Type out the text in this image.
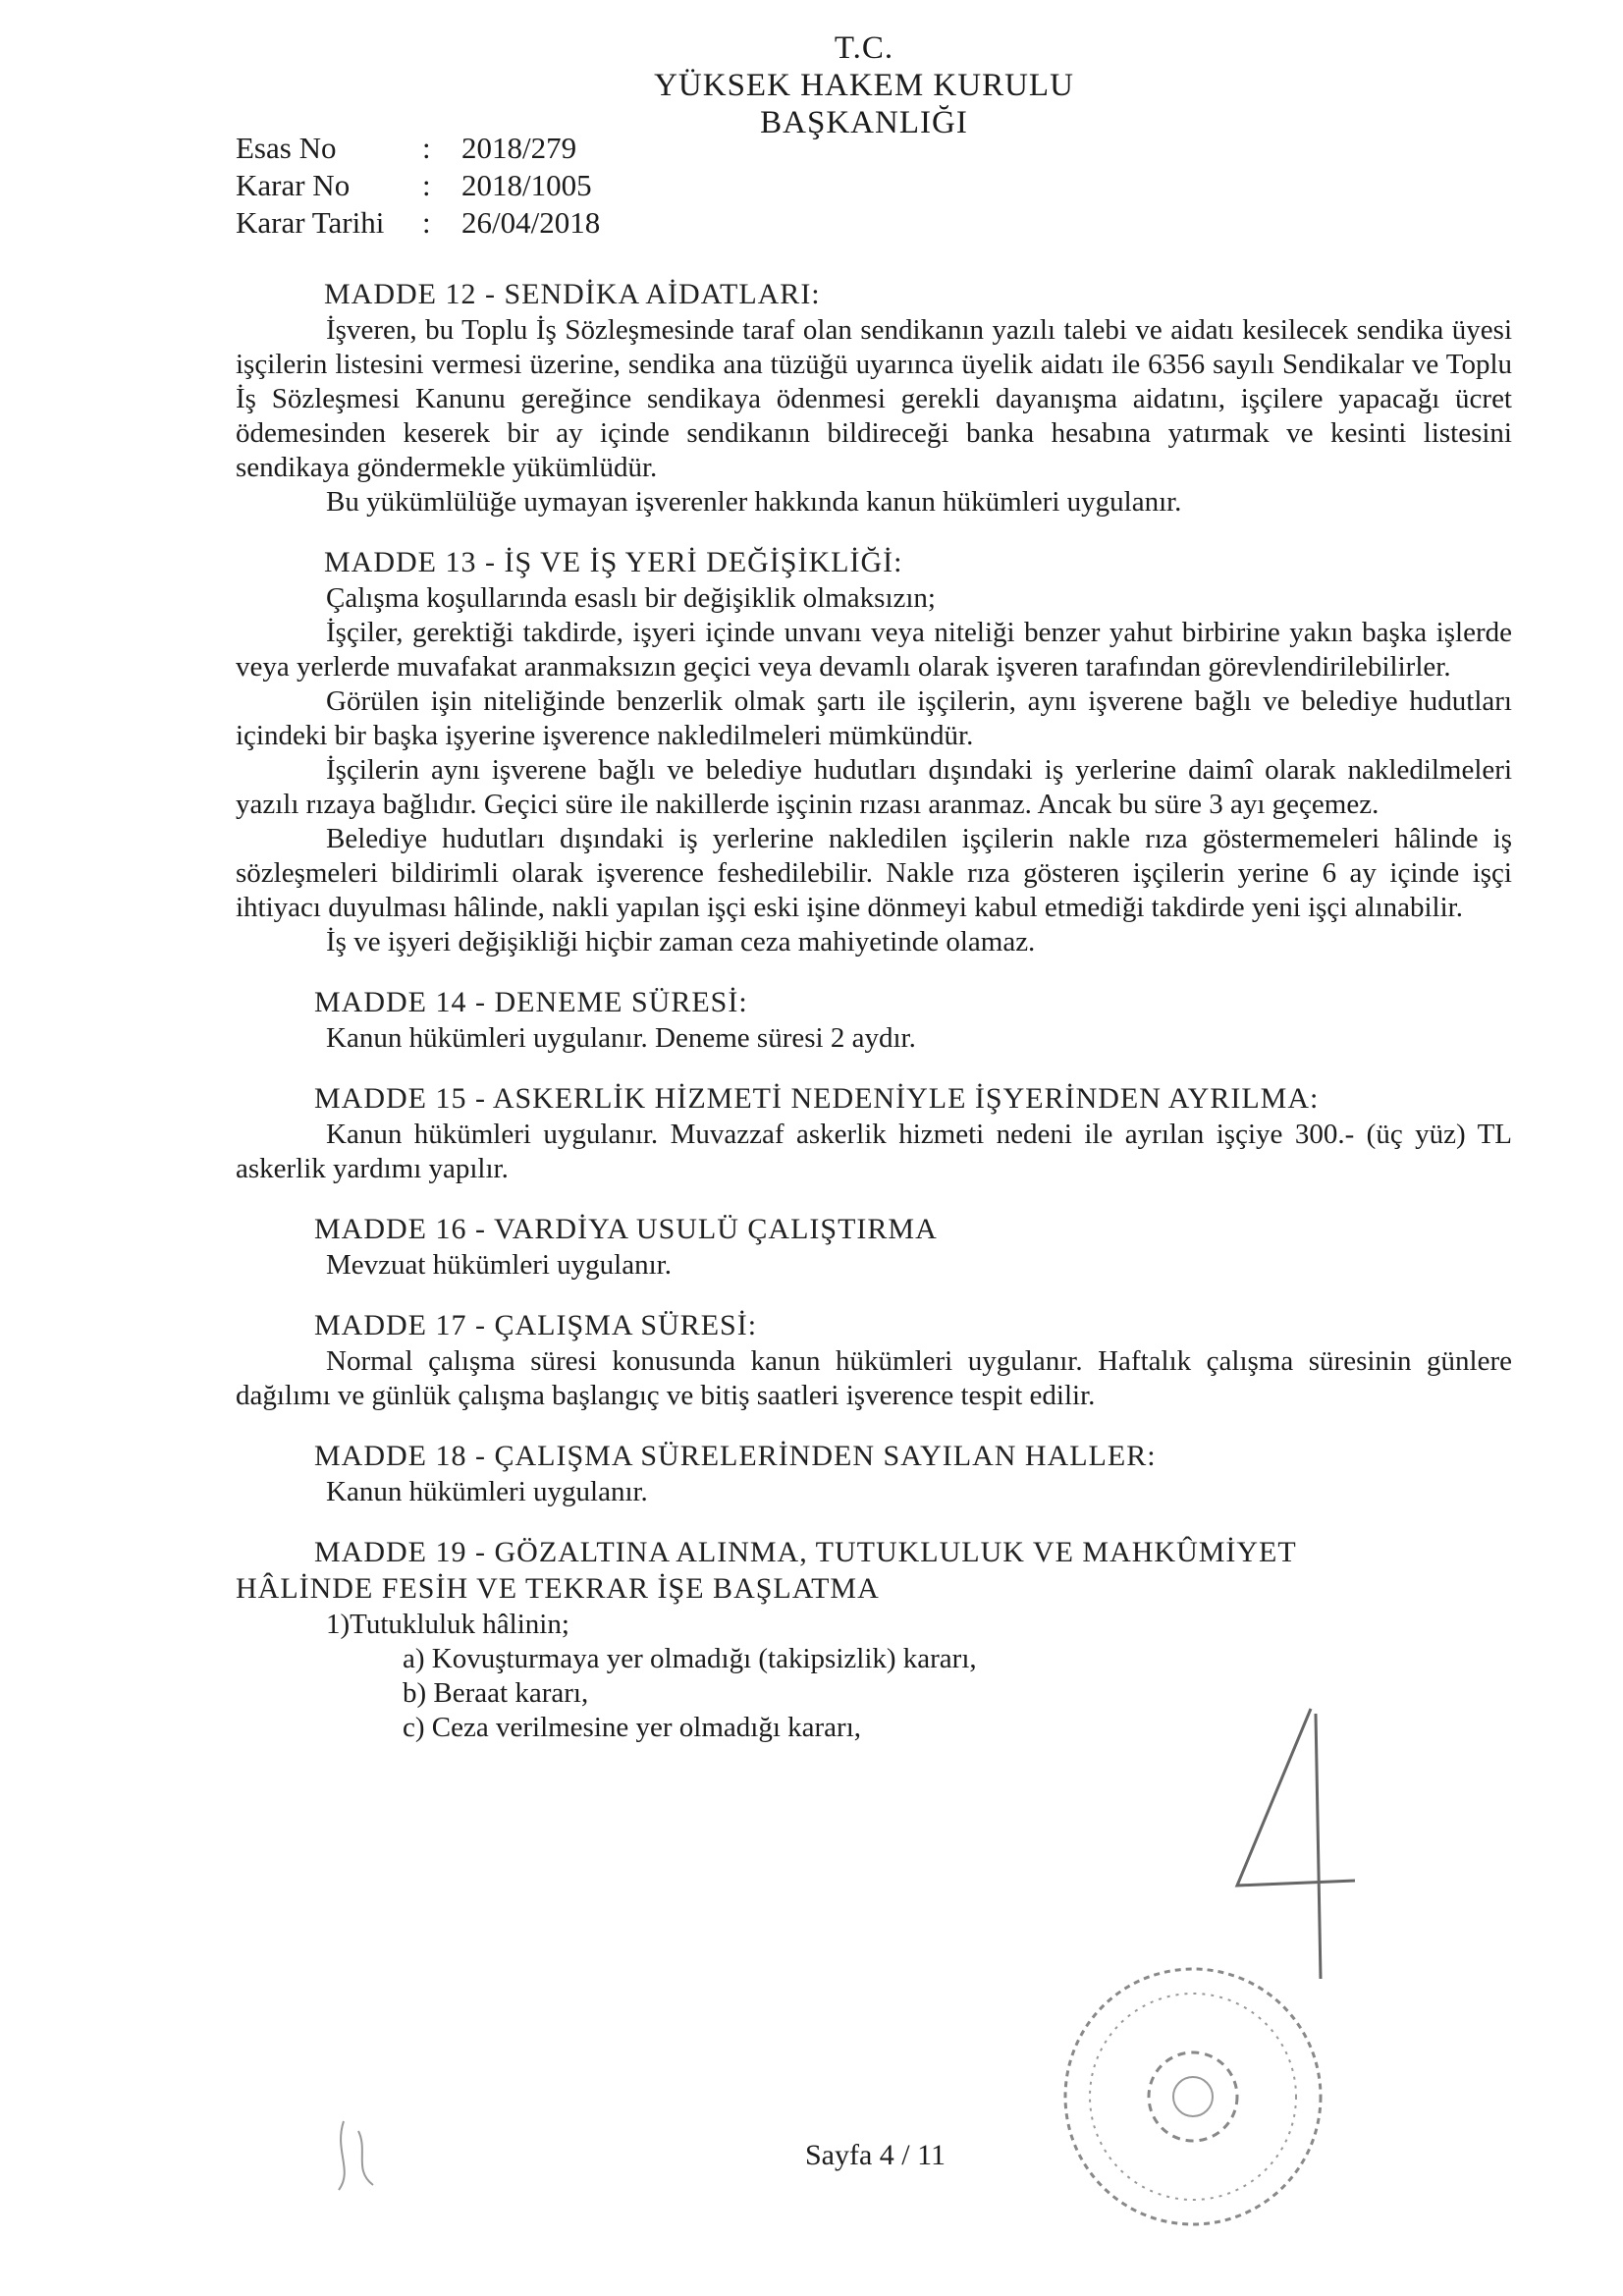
T.C.
YÜKSEK HAKEM KURULU
BAŞKANLIĞI
Esas No	:	2018/279
Karar No	:	2018/1005
Karar Tarihi	:	26/04/2018
MADDE 12 - SENDİKA AİDATLARI:

İşveren, bu Toplu İş Sözleşmesinde taraf olan sendikanın yazılı talebi ve aidatı kesilecek sendika üyesi işçilerin listesini vermesi üzerine, sendika ana tüzüğü uyarınca üyelik aidatı ile 6356 sayılı Sendikalar ve Toplu İş Sözleşmesi Kanunu gereğince sendikaya ödenmesi gerekli dayanışma aidatını, işçilere yapacağı ücret ödemesinden keserek bir ay içinde sendikanın bildireceği banka hesabına yatırmak ve kesinti listesini sendikaya göndermekle yükümlüdür.

Bu yükümlülüğe uymayan işverenler hakkında kanun hükümleri uygulanır.

MADDE 13 - İŞ VE İŞ YERİ DEĞİŞİKLİĞİ:

Çalışma koşullarında esaslı bir değişiklik olmaksızın;

İşçiler, gerektiği takdirde, işyeri içinde unvanı veya niteliği benzer yahut birbirine yakın başka işlerde veya yerlerde muvafakat aranmaksızın geçici veya devamlı olarak işveren tarafından görevlendirilebilirler.

Görülen işin niteliğinde benzerlik olmak şartı ile işçilerin, aynı işverene bağlı ve belediye hudutları içindeki bir başka işyerine işverence nakledilmeleri mümkündür.

İşçilerin aynı işverene bağlı ve belediye hudutları dışındaki iş yerlerine daimî olarak nakledilmeleri yazılı rızaya bağlıdır. Geçici süre ile nakillerde işçinin rızası aranmaz. Ancak bu süre 3 ayı geçemez.

Belediye hudutları dışındaki iş yerlerine nakledilen işçilerin nakle rıza göstermemeleri hâlinde iş sözleşmeleri bildirimli olarak işverence feshedilebilir. Nakle rıza gösteren işçilerin yerine 6 ay içinde işçi ihtiyacı duyulması hâlinde, nakli yapılan işçi eski işine dönmeyi kabul etmediği takdirde yeni işçi alınabilir.

İş ve işyeri değişikliği hiçbir zaman ceza mahiyetinde olamaz.

MADDE 14 - DENEME SÜRESİ:

Kanun hükümleri uygulanır. Deneme süresi 2 aydır.

MADDE 15 - ASKERLİK HİZMETİ NEDENİYLE İŞYERİNDEN AYRILMA:

Kanun hükümleri uygulanır. Muvazzaf askerlik hizmeti nedeni ile ayrılan işçiye 300.- (üç yüz) TL askerlik yardımı yapılır.

MADDE 16 - VARDİYA USULÜ ÇALIŞTIRMA

Mevzuat hükümleri uygulanır.

MADDE 17 - ÇALIŞMA SÜRESİ:

Normal çalışma süresi konusunda kanun hükümleri uygulanır. Haftalık çalışma süresinin günlere dağılımı ve günlük çalışma başlangıç ve bitiş saatleri işverence tespit edilir.

MADDE 18 - ÇALIŞMA SÜRELERİNDEN SAYILAN HALLER:

Kanun hükümleri uygulanır.

MADDE 19 - GÖZALTINA ALINMA, TUTUKLULUK VE MAHKÛMİYET
HÂLİNDE FESİH VE TEKRAR İŞE BAŞLATMA

1)Tutukluluk hâlinin;

a) Kovuşturmaya yer olmadığı (takipsizlik) kararı,

b) Beraat kararı,

c) Ceza verilmesine yer olmadığı kararı,

Sayfa 4 / 11
